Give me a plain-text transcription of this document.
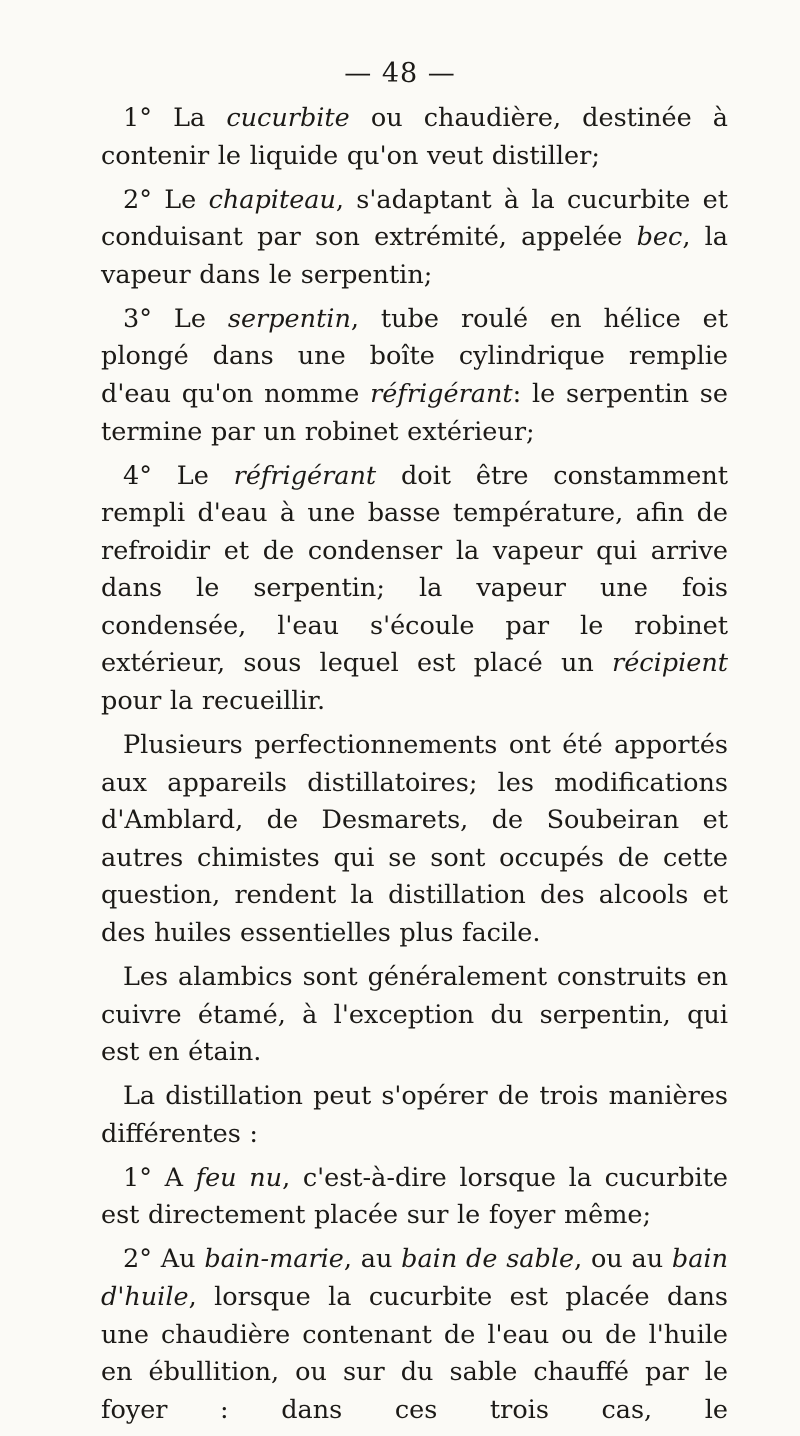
— 48 —

1° La cucurbite ou chaudière, destinée à contenir le liquide qu'on veut distiller;

2° Le chapiteau, s'adaptant à la cucurbite et conduisant par son extrémité, appelée bec, la vapeur dans le serpentin;

3° Le serpentin, tube roulé en hélice et plongé dans une boîte cylindrique remplie d'eau qu'on nomme réfrigérant: le serpentin se termine par un robinet extérieur;

4° Le réfrigérant doit être constamment rempli d'eau à une basse température, afin de refroidir et de condenser la vapeur qui arrive dans le serpentin; la vapeur une fois condensée, l'eau s'écoule par le robinet extérieur, sous lequel est placé un récipient pour la recueillir.

Plusieurs perfectionnements ont été apportés aux appareils distillatoires; les modifications d'Amblard, de Desmarets, de Soubeiran et autres chimistes qui se sont occupés de cette question, rendent la distillation des alcools et des huiles essentielles plus facile.

Les alambics sont généralement construits en cuivre étamé, à l'exception du serpentin, qui est en étain.

La distillation peut s'opérer de trois manières différentes :

1° A feu nu, c'est-à-dire lorsque la cucurbite est directement placée sur le foyer même;

2° Au bain-marie, au bain de sable, ou au bain d'huile, lorsque la cucurbite est placée dans une chaudière contenant de l'eau ou de l'huile en ébullition, ou sur du sable chauffé par le foyer : dans ces trois cas, le
